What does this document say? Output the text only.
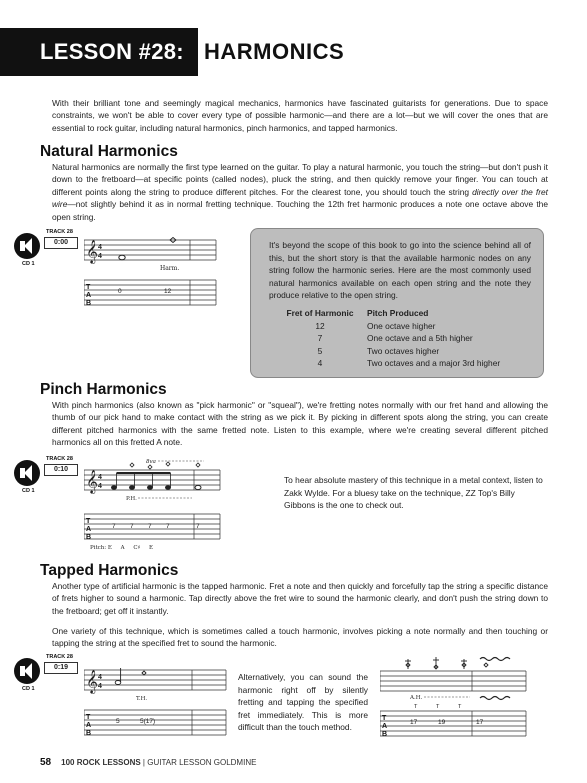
LESSON #28: HARMONICS

With their brilliant tone and seemingly magical mechanics, harmonics have fascinated guitarists for generations. Due to space constraints, we won't be able to cover every type of possible harmonic—and there are a lot—but we will cover the ones that are essential to rock guitar, including natural harmonics, pinch harmonics, and tapped harmonics.

Natural Harmonics

Natural harmonics are normally the first type learned on the guitar. To play a natural harmonic, you touch the string—but don't push it down to the fretboard—at specific points (called nodes), pluck the string, and then quickly remove your finger. You can touch at different points along the string to produce different pitches. For the clearest tone, you should touch the string directly over the fret wire—not slightly behind it as in normal fretting technique. Touching the 12th fret harmonic produces a note one octave above the open string.

TRACK 28
0:00
CD 1
𝄞 4
4
Harm.
T
A
B
0	12

It's beyond the scope of this book to go into the science behind all of this, but the short story is that the available harmonic nodes on any string follow the harmonic series. Here are the most commonly used natural harmonics available on each open string and the note they produce relative to the open string.

Fret of Harmonic	Pitch Produced
12	One octave higher
7	One octave and a 5th higher
5	Two octaves higher
4	Two octaves and a major 3rd higher
Pinch Harmonics

With pinch harmonics (also known as "pick harmonic" or "squeal"), we're fretting notes normally with our fret hand and allowing the thumb of our pick hand to make contact with the string as we pick it. By picking in different spots along the string, you can create different pitched harmonics with the same fretted note. Listen to this example, where we're creating several different pitched harmonics all on this fretted A note.

TRACK 28
0:10
CD 1
8va
𝄞 4
4
P.H.
T
A
B
7 7 7 7	7
Pitch: E     A     C♯     E

To hear absolute mastery of this technique in a metal context, listen to Zakk Wylde. For a bluesy take on the technique, ZZ Top's Billy Gibbons is the one to check out.

Tapped Harmonics

Another type of artificial harmonic is the tapped harmonic. Fret a note and then quickly and forcefully tap the string a specific distance of frets higher to sound a harmonic. Tap directly above the fret wire to sound the harmonic clearly, and don't push the string down to the fretboard; get off it instantly.

One variety of this technique, which is sometimes called a touch harmonic, involves picking a note normally and then touching or tapping the string at the specified fret to sound the harmonic.

TRACK 28
0:19
CD 1	𝄞 4
4
T.H.
T
A
B
5	5(17)

Alternatively, you can sound the harmonic right off by silently fretting and tapping the specified fret immediately. This is more difficult than the touch method.

A.H.
T	T	T
T
A
B
17	19	17
58 100 ROCK LESSONS | GUITAR LESSON GOLDMINE
